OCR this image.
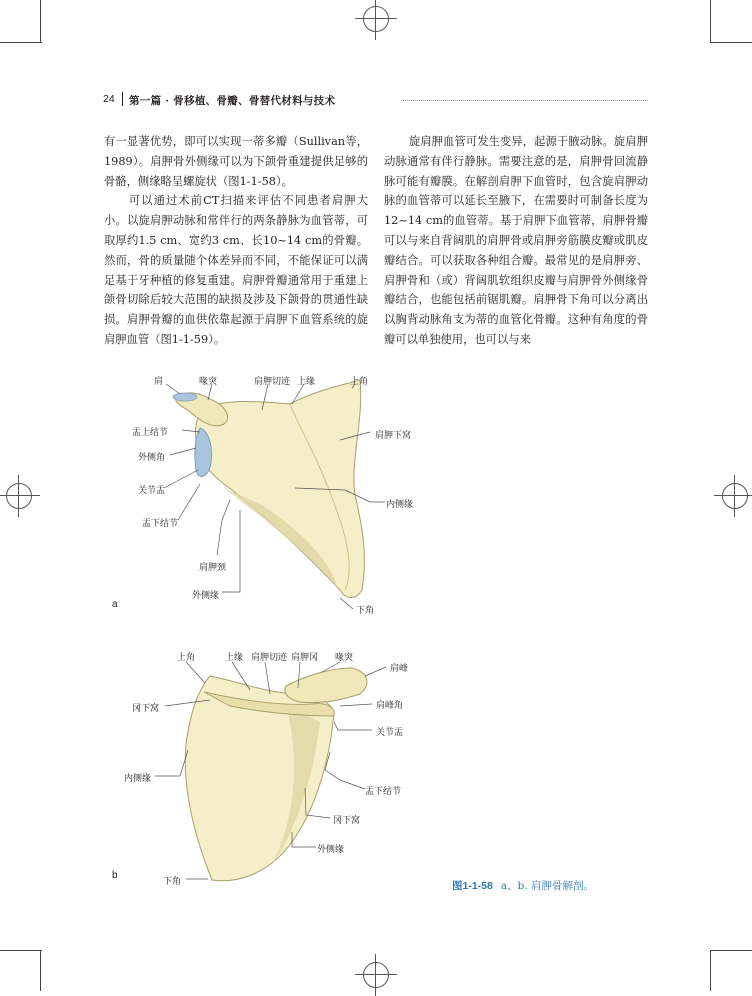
24 第一篇 · 骨移植、骨瓣、骨替代材料与技术

有一显著优势，即可以实现一蒂多瓣（Sullivan等，1989）。肩胛骨外侧缘可以为下颌骨重建提供足够的骨骼，侧缘略呈螺旋状（图1-1-58）。

可以通过术前CT扫描来评估不同患者肩胛大小。以旋肩胛动脉和常伴行的两条静脉为血管蒂，可取厚约1.5 cm、宽约3 cm、长10~14 cm的骨瓣。然而，骨的质量随个体差异而不同，不能保证可以满足基于牙种植的修复重建。肩胛骨瓣通常用于重建上颌骨切除后较大范围的缺损及涉及下颌骨的贯通性缺损。肩胛骨瓣的血供依靠起源于肩胛下血管系统的旋肩胛血管（图1-1-59）。

旋肩胛血管可发生变异，起源于腋动脉。旋肩胛动脉通常有伴行静脉。需要注意的是，肩胛骨回流静脉可能有瓣膜。在解剖肩胛下血管时，包含旋肩胛动脉的血管蒂可以延长至腋下，在需要时可制备长度为12~14 cm的血管蒂。基于肩胛下血管蒂，肩胛骨瓣可以与来自背阔肌的肩胛骨或肩胛旁筋膜皮瓣或肌皮瓣结合。可以获取各种组合瓣。最常见的是肩胛旁、肩胛骨和（或）背阔肌软组织皮瓣与肩胛骨外侧缘骨瓣结合，也能包括前锯肌瓣。肩胛骨下角可以分离出以胸背动脉角支为蒂的血管化骨瓣。这种有角度的骨瓣可以单独使用，也可以与来

肩	喙突	肩胛切迹 上缘	上角
盂上结节	肩胛下窝
外侧角
关节盂
内侧缘
盂下结节
肩胛颈
外侧缘
下角
a
上角	上缘 肩胛切迹 肩胛冈 喙突
肩峰
冈下窝	肩峰角
关节盂
内侧缘
盂下结节
冈下窝
外侧缘
下角
b
图1-1-58 a、b. 肩胛骨解剖。
